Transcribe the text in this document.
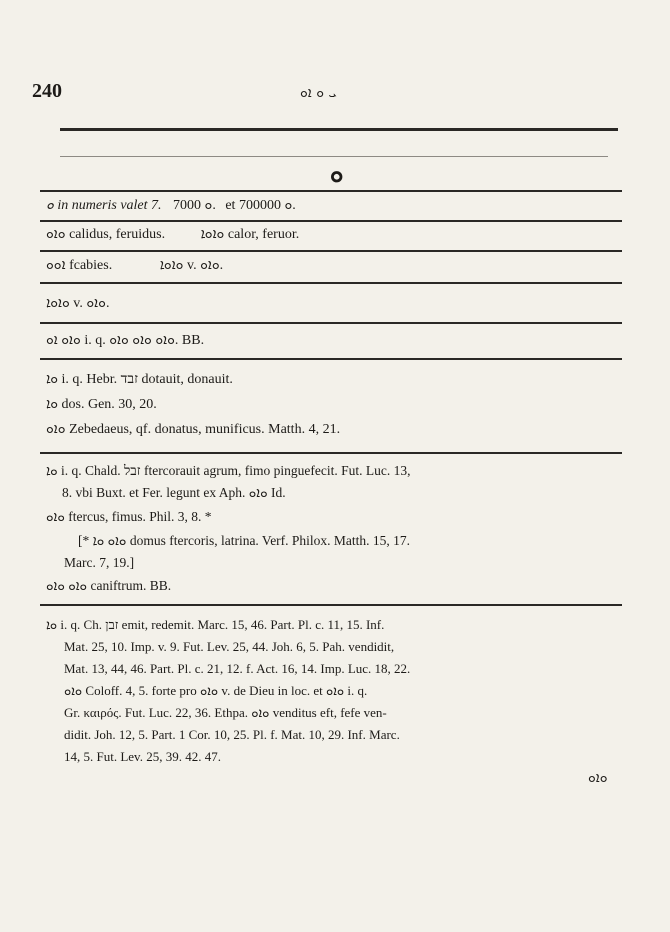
240	ܝ ܘ ܐܘ
ܘ
ܘ in numeris valet 7. ܘ 7000. et ܘ 700000.
ܘܐܘ calidus, feruidus.	ܘܐܘܐ calor, feruor.
ܐܘܘ fcabies.	ܘܐܘܐ v. ܘܐܘ.
ܘܐܘܐ v. ܘܐܘ.
ܘܐܘ ܐܘ i. q. ܘܐܘ ܘܐܘ ܘܐܘ. BB.
ܘܐ i. q. Hebr. זבד dotauit, donauit.
ܘܐ dos. Gen. 30, 20.
ܘܐܘ Zebedaeus, qf. donatus, munificus. Matth. 4, 21.
ܘܐ i. q. Chald. זבל ftercorauit agrum, fimo pinguefecit. Fut. Luc. 13,
8. vbi Buxt. et Fer. legunt ex Aph. ܘܐܘ Id.
ܘܐܘ ftercus, fimus. Phil. 3, 8. *
[* ܘܐܘ ܘܐ domus ftercoris, latrina. Verf. Philox. Matth. 15, 17.
Marc. 7, 19.]
ܘܐܘ ܘܐܘ caniftrum. BB.
ܘܐ i. q. Ch. זבן emit, redemit. Marc. 15, 46. Part. Pl. c. 11, 15. Inf.
Mat. 25, 10. Imp. v. 9. Fut. Lev. 25, 44. Joh. 6, 5. Pah. vendidit,
Mat. 13, 44, 46. Part. Pl. c. 21, 12. f. Act. 16, 14. Imp. Luc. 18, 22.
ܘܐܘ Coloff. 4, 5. forte pro ܘܐܘ v. de Dieu in loc. et ܘܐܘ i. q.
Gr. καιρός. Fut. Luc. 22, 36. Ethpa. ܘܐܘ venditus eft, fefe ven-
didit. Joh. 12, 5. Part. 1 Cor. 10, 25. Pl. f. Mat. 10, 29. Inf. Marc.
14, 5. Fut. Lev. 25, 39. 42. 47.
ܘܐܘ
